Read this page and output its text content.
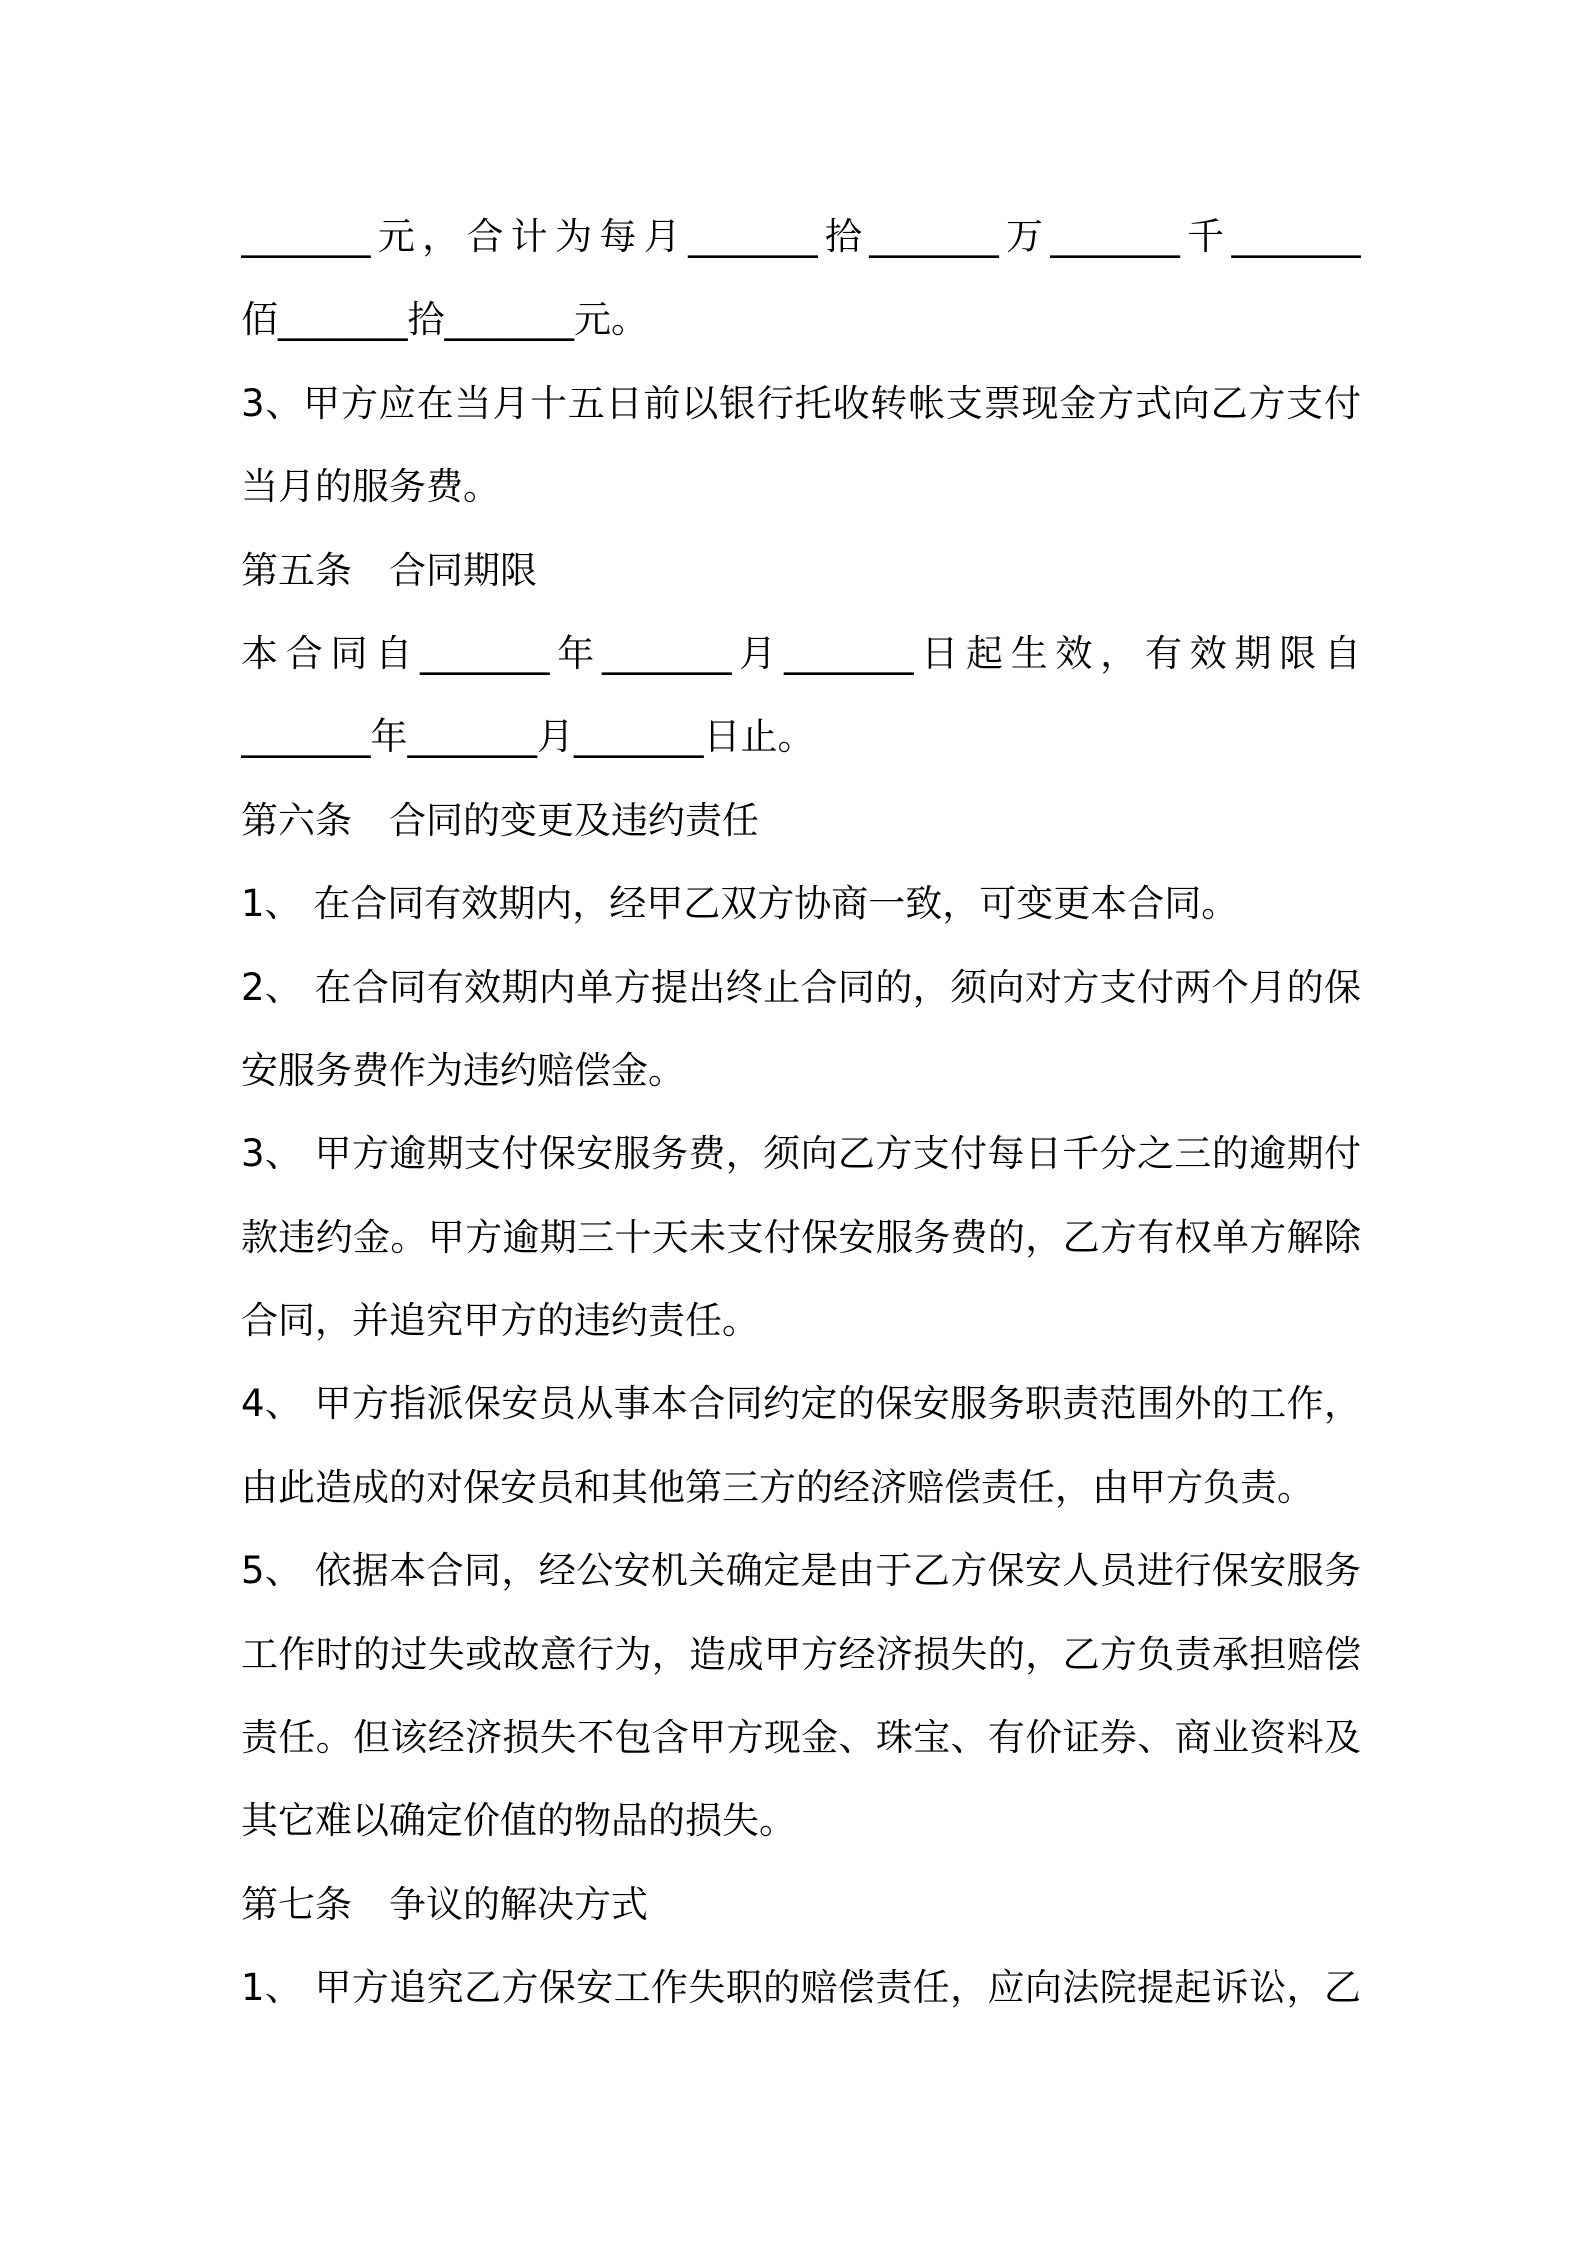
_______元，合计为每月_______拾_______万_______千_______
佰_______拾_______元。
3、甲方应在当月十五日前以银行托收转帐支票现金方式向乙方支付
当月的服务费。
第五条　合同期限
本合同自_______年_______月_______日起生效，有效期限自
_______年_______月_______日止。
第六条　合同的变更及违约责任
1、 在合同有效期内，经甲乙双方协商一致，可变更本合同。
2、 在合同有效期内单方提出终止合同的，须向对方支付两个月的保
安服务费作为违约赔偿金。
3、 甲方逾期支付保安服务费，须向乙方支付每日千分之三的逾期付
款违约金。甲方逾期三十天未支付保安服务费的，乙方有权单方解除
合同，并追究甲方的违约责任。
4、 甲方指派保安员从事本合同约定的保安服务职责范围外的工作，
由此造成的对保安员和其他第三方的经济赔偿责任，由甲方负责。
5、 依据本合同，经公安机关确定是由于乙方保安人员进行保安服务
工作时的过失或故意行为，造成甲方经济损失的，乙方负责承担赔偿
责任。但该经济损失不包含甲方现金、珠宝、有价证券、商业资料及
其它难以确定价值的物品的损失。
第七条　争议的解决方式
1、 甲方追究乙方保安工作失职的赔偿责任，应向法院提起诉讼，乙
